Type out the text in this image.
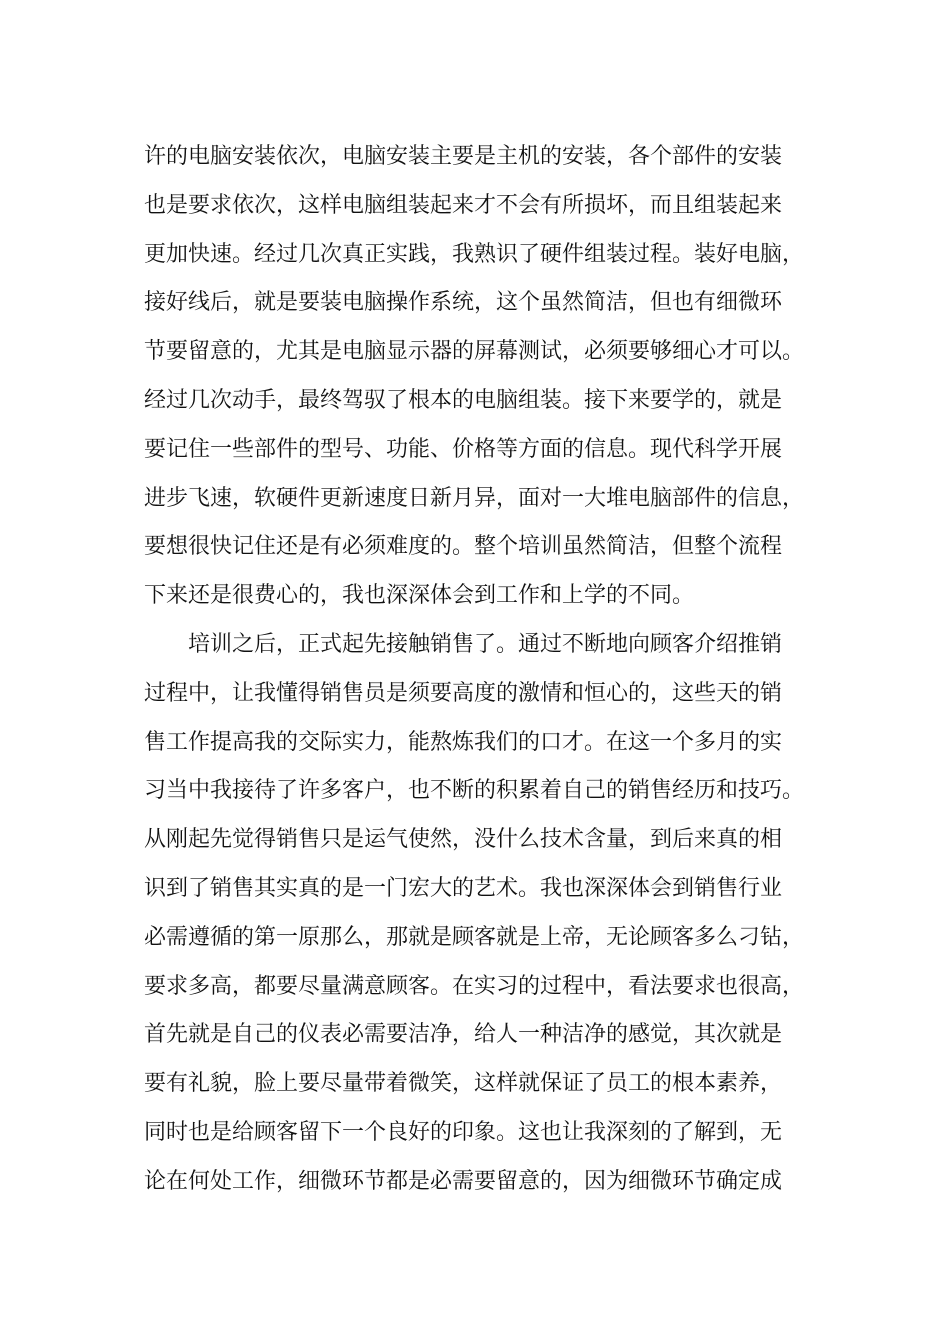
许的电脑安装依次，电脑安装主要是主机的安装，各个部件的安装
也是要求依次，这样电脑组装起来才不会有所损坏，而且组装起来
更加快速。经过几次真正实践，我熟识了硬件组装过程。装好电脑，
接好线后，就是要装电脑操作系统，这个虽然简洁，但也有细微环
节要留意的，尤其是电脑显示器的屏幕测试，必须要够细心才可以。
经过几次动手，最终驾驭了根本的电脑组装。接下来要学的，就是
要记住一些部件的型号、功能、价格等方面的信息。现代科学开展
进步飞速，软硬件更新速度日新月异，面对一大堆电脑部件的信息，
要想很快记住还是有必须难度的。整个培训虽然简洁，但整个流程
下来还是很费心的，我也深深体会到工作和上学的不同。
培训之后，正式起先接触销售了。通过不断地向顾客介绍推销
过程中，让我懂得销售员是须要高度的激情和恒心的，这些天的销
售工作提高我的交际实力，能熬炼我们的口才。在这一个多月的实
习当中我接待了许多客户，也不断的积累着自己的销售经历和技巧。
从刚起先觉得销售只是运气使然，没什么技术含量，到后来真的相
识到了销售其实真的是一门宏大的艺术。我也深深体会到销售行业
必需遵循的第一原那么，那就是顾客就是上帝，无论顾客多么刁钻，
要求多高，都要尽量满意顾客。在实习的过程中，看法要求也很高，
首先就是自己的仪表必需要洁净，给人一种洁净的感觉，其次就是
要有礼貌，脸上要尽量带着微笑，这样就保证了员工的根本素养，
同时也是给顾客留下一个良好的印象。这也让我深刻的了解到，无
论在何处工作，细微环节都是必需要留意的，因为细微环节确定成
